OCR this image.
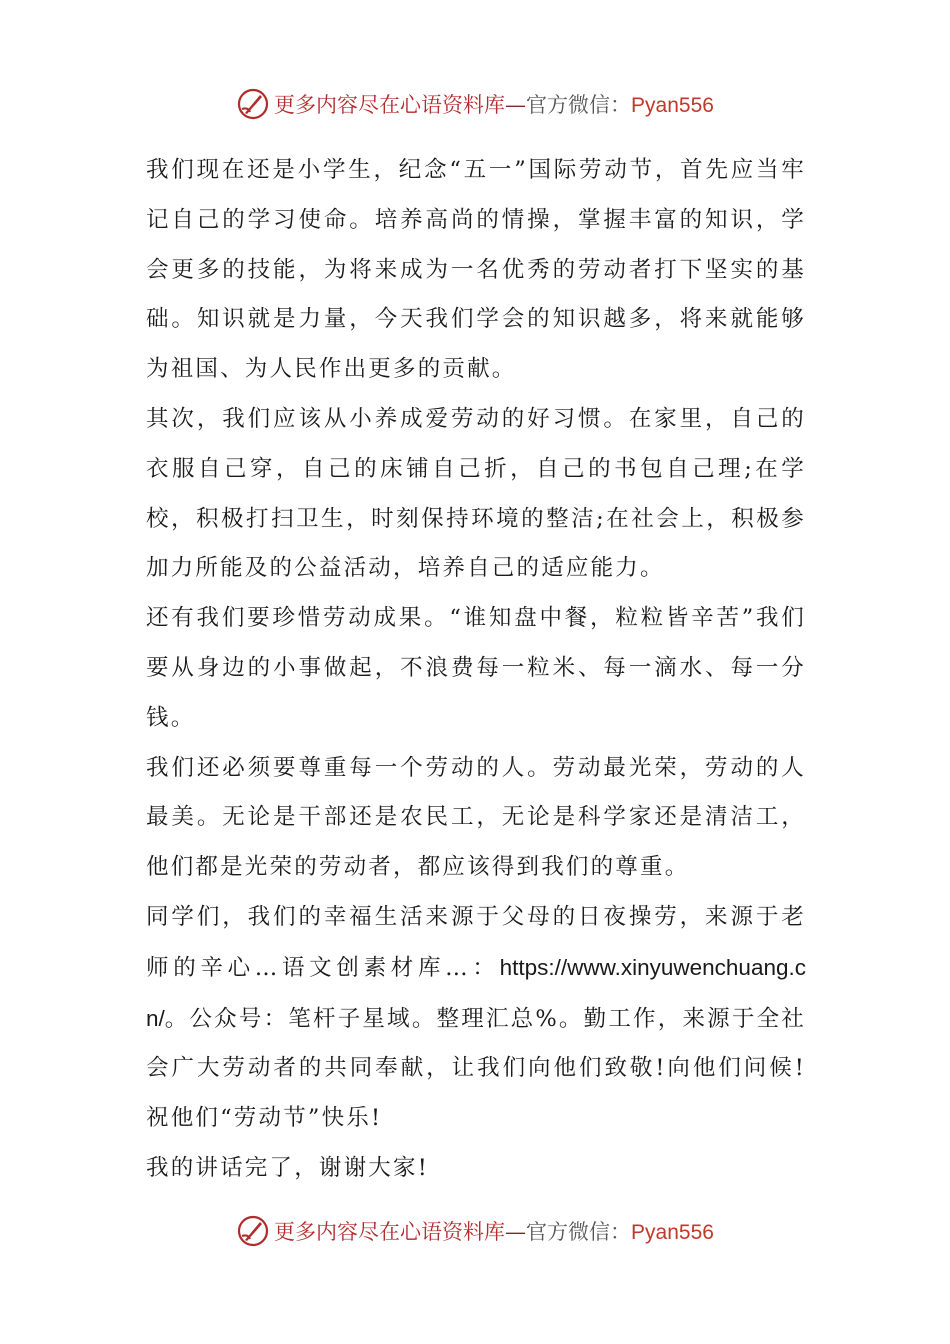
更多内容尽在心语资料库—官方微信：Pyan556

我们现在还是小学生，纪念“五一”国际劳动节，首先应当牢记自己的学习使命。培养高尚的情操，掌握丰富的知识，学会更多的技能，为将来成为一名优秀的劳动者打下坚实的基础。知识就是力量，今天我们学会的知识越多，将来就能够为祖国、为人民作出更多的贡献。

其次，我们应该从小养成爱劳动的好习惯。在家里，自己的衣服自己穿，自己的床铺自己折，自己的书包自己理;在学校，积极打扫卫生，时刻保持环境的整洁;在社会上，积极参加力所能及的公益活动，培养自己的适应能力。

还有我们要珍惜劳动成果。“谁知盘中餐，粒粒皆辛苦”我们要从身边的小事做起，不浪费每一粒米、每一滴水、每一分钱。

我们还必须要尊重每一个劳动的人。劳动最光荣，劳动的人最美。无论是干部还是农民工，无论是科学家还是清洁工，他们都是光荣的劳动者，都应该得到我们的尊重。

同学们，我们的幸福生活来源于父母的日夜操劳，来源于老师的辛心…语文创素材库…：https://www.xinyuwenchuang.cn/。公众号：笔杆子星域。整理汇总%。勤工作，来源于全社会广大劳动者的共同奉献，让我们向他们致敬!向他们问候!祝他们“劳动节”快乐!

我的讲话完了，谢谢大家!

更多内容尽在心语资料库—官方微信：Pyan556
